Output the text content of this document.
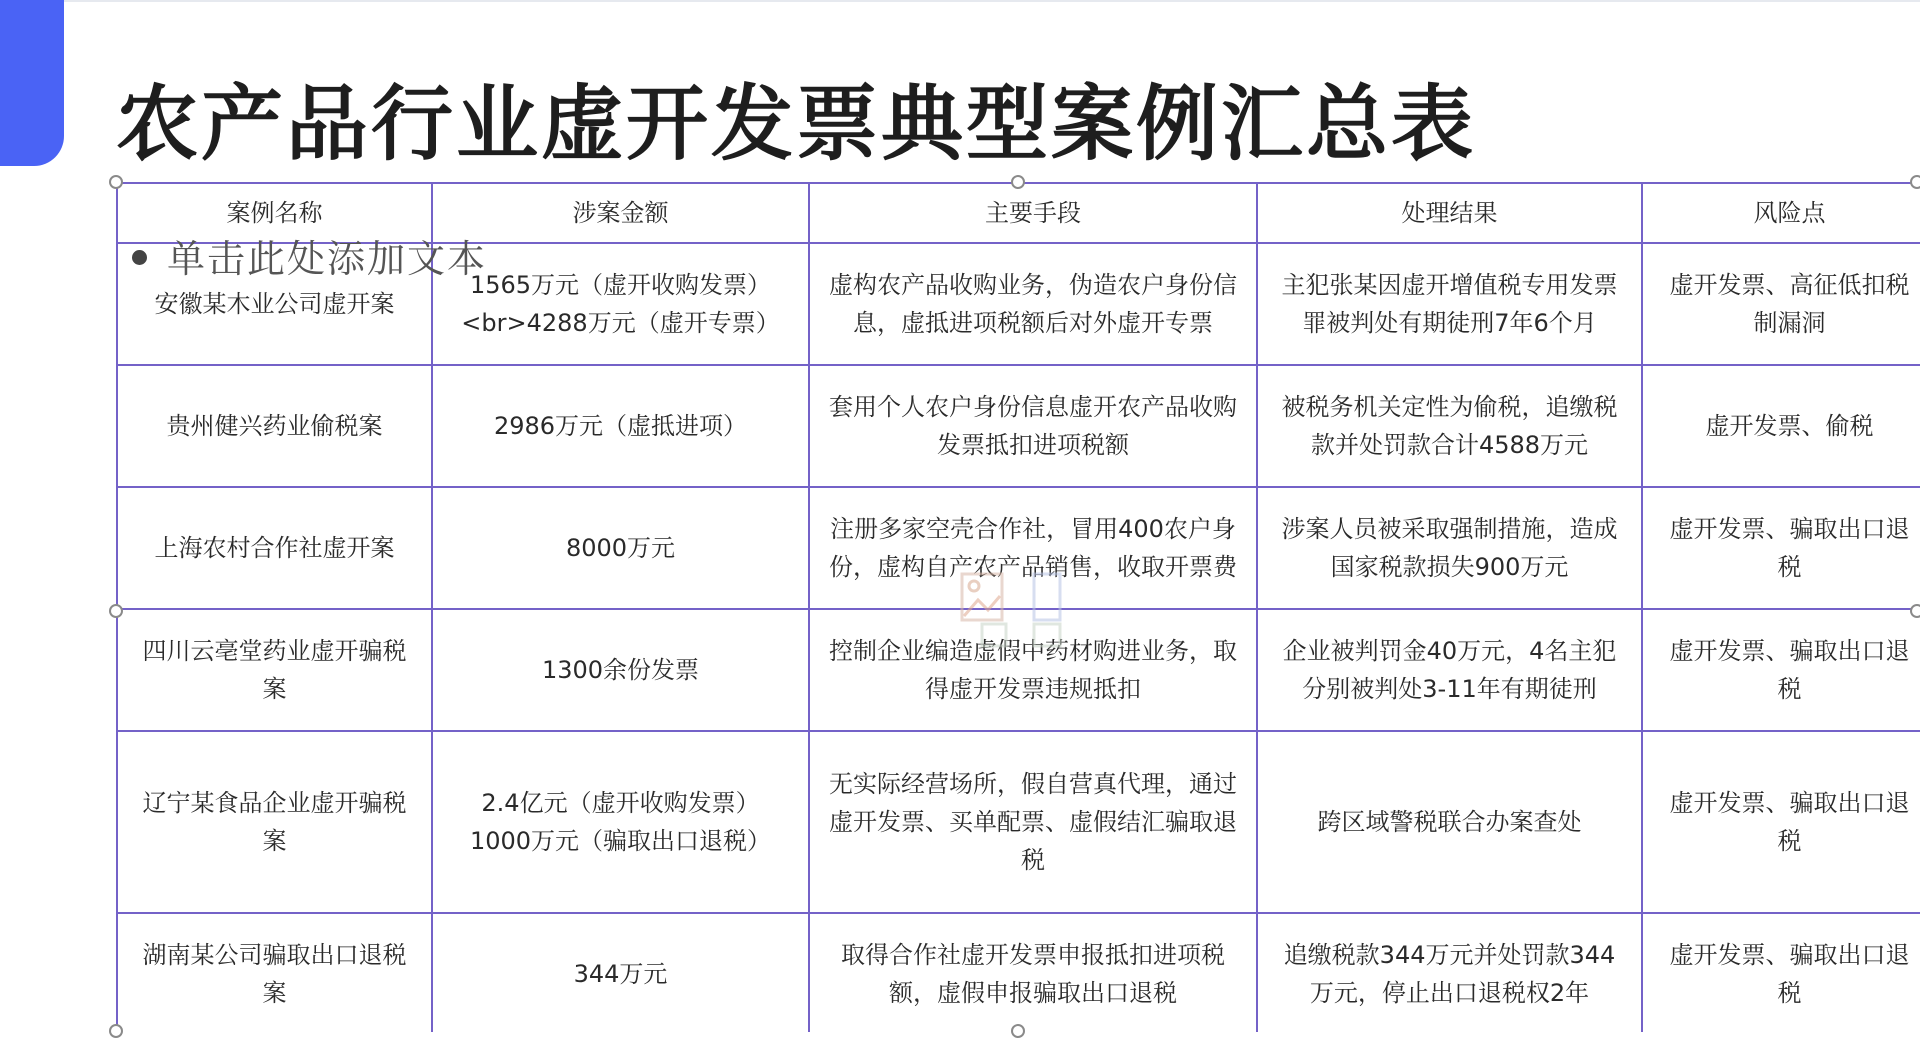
农产品行业虚开发票典型案例汇总表
案例名称	涉案金额	主要手段	处理结果	风险点
安徽某木业公司虚开案	1565万元（虚开收购发票）<br>4288万元（虚开专票）	虚构农产品收购业务，伪造农户身份信息，虚抵进项税额后对外虚开专票	主犯张某因虚开增值税专用发票罪被判处有期徒刑7年6个月	虚开发票、高征低扣税制漏洞
贵州健兴药业偷税案	2986万元（虚抵进项）	套用个人农户身份信息虚开农产品收购发票抵扣进项税额	被税务机关定性为偷税，追缴税款并处罚款合计4588万元	虚开发票、偷税
上海农村合作社虚开案	8000万元	注册多家空壳合作社，冒用400农户身份，虚构自产农产品销售，收取开票费	涉案人员被采取强制措施，造成国家税款损失900万元	虚开发票、骗取出口退税
四川云亳堂药业虚开骗税案	1300余份发票	控制企业编造虚假中药材购进业务，取得虚开发票违规抵扣	企业被判罚金40万元，4名主犯分别被判处3-11年有期徒刑	虚开发票、骗取出口退税
辽宁某食品企业虚开骗税案	2.4亿元（虚开收购发票）1000万元（骗取出口退税）	无实际经营场所，假自营真代理，通过虚开发票、买单配票、虚假结汇骗取退税	跨区域警税联合办案查处	虚开发票、骗取出口退税
湖南某公司骗取出口退税案	344万元	取得合作社虚开发票申报抵扣进项税额，虚假申报骗取出口退税	追缴税款344万元并处罚款344万元，停止出口退税权2年	虚开发票、骗取出口退税
单击此处添加文本
